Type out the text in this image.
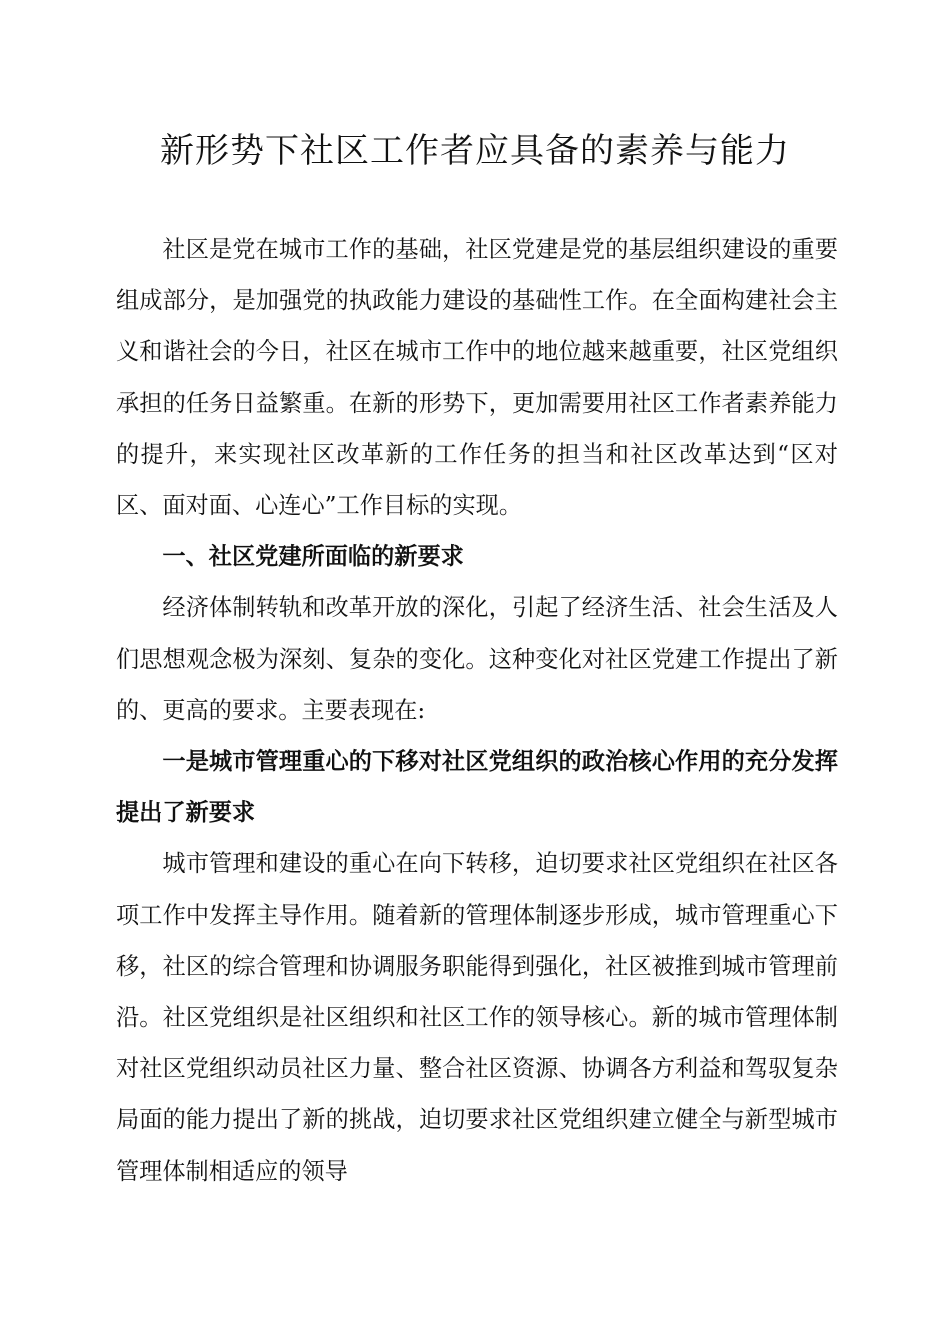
新形势下社区工作者应具备的素养与能力

社区是党在城市工作的基础，社区党建是党的基层组织建设的重要组成部分，是加强党的执政能力建设的基础性工作。在全面构建社会主义和谐社会的今日，社区在城市工作中的地位越来越重要，社区党组织承担的任务日益繁重。在新的形势下，更加需要用社区工作者素养能力的提升，来实现社区改革新的工作任务的担当和社区改革达到“区对区、面对面、心连心”工作目标的实现。

一、社区党建所面临的新要求

经济体制转轨和改革开放的深化，引起了经济生活、社会生活及人们思想观念极为深刻、复杂的变化。这种变化对社区党建工作提出了新的、更高的要求。主要表现在:

一是城市管理重心的下移对社区党组织的政治核心作用的充分发挥提出了新要求

城市管理和建设的重心在向下转移，迫切要求社区党组织在社区各项工作中发挥主导作用。随着新的管理体制逐步形成，城市管理重心下移，社区的综合管理和协调服务职能得到强化，社区被推到城市管理前沿。社区党组织是社区组织和社区工作的领导核心。新的城市管理体制对社区党组织动员社区力量、整合社区资源、协调各方利益和驾驭复杂局面的能力提出了新的挑战，迫切要求社区党组织建立健全与新型城市管理体制相适应的领导
